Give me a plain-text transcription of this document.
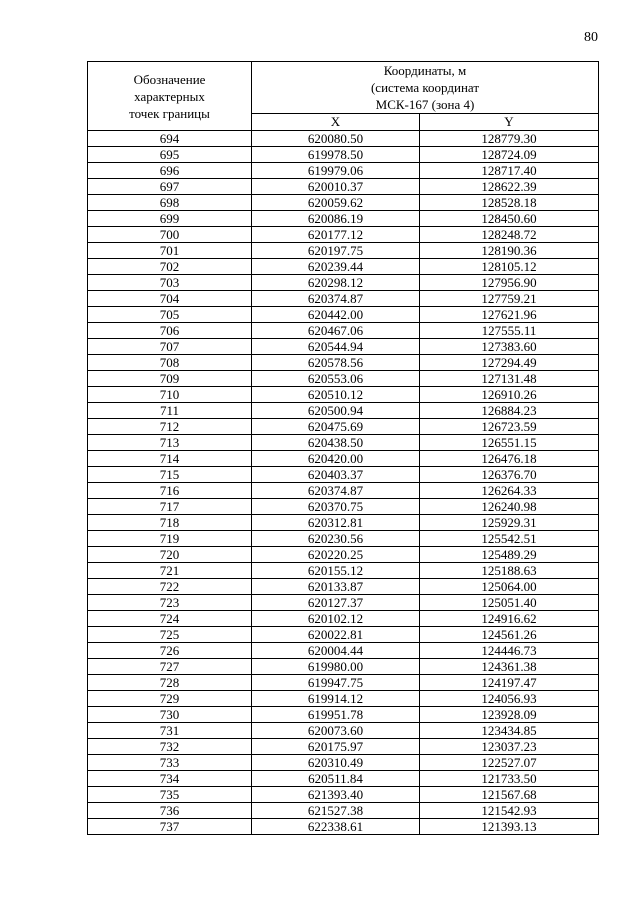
80
Обозначение
характерных
точек границы	Координаты, м
(система координат
МСК-167 (зона 4)	

	X	Y
694	620080.50	128779.30
695	619978.50	128724.09
696	619979.06	128717.40
697	620010.37	128622.39
698	620059.62	128528.18
699	620086.19	128450.60
700	620177.12	128248.72
701	620197.75	128190.36
702	620239.44	128105.12
703	620298.12	127956.90
704	620374.87	127759.21
705	620442.00	127621.96
706	620467.06	127555.11
707	620544.94	127383.60
708	620578.56	127294.49
709	620553.06	127131.48
710	620510.12	126910.26
711	620500.94	126884.23
712	620475.69	126723.59
713	620438.50	126551.15
714	620420.00	126476.18
715	620403.37	126376.70
716	620374.87	126264.33
717	620370.75	126240.98
718	620312.81	125929.31
719	620230.56	125542.51
720	620220.25	125489.29
721	620155.12	125188.63
722	620133.87	125064.00
723	620127.37	125051.40
724	620102.12	124916.62
725	620022.81	124561.26
726	620004.44	124446.73
727	619980.00	124361.38
728	619947.75	124197.47
729	619914.12	124056.93
730	619951.78	123928.09
731	620073.60	123434.85
732	620175.97	123037.23
733	620310.49	122527.07
734	620511.84	121733.50
735	621393.40	121567.68
736	621527.38	121542.93
737	622338.61	121393.13
